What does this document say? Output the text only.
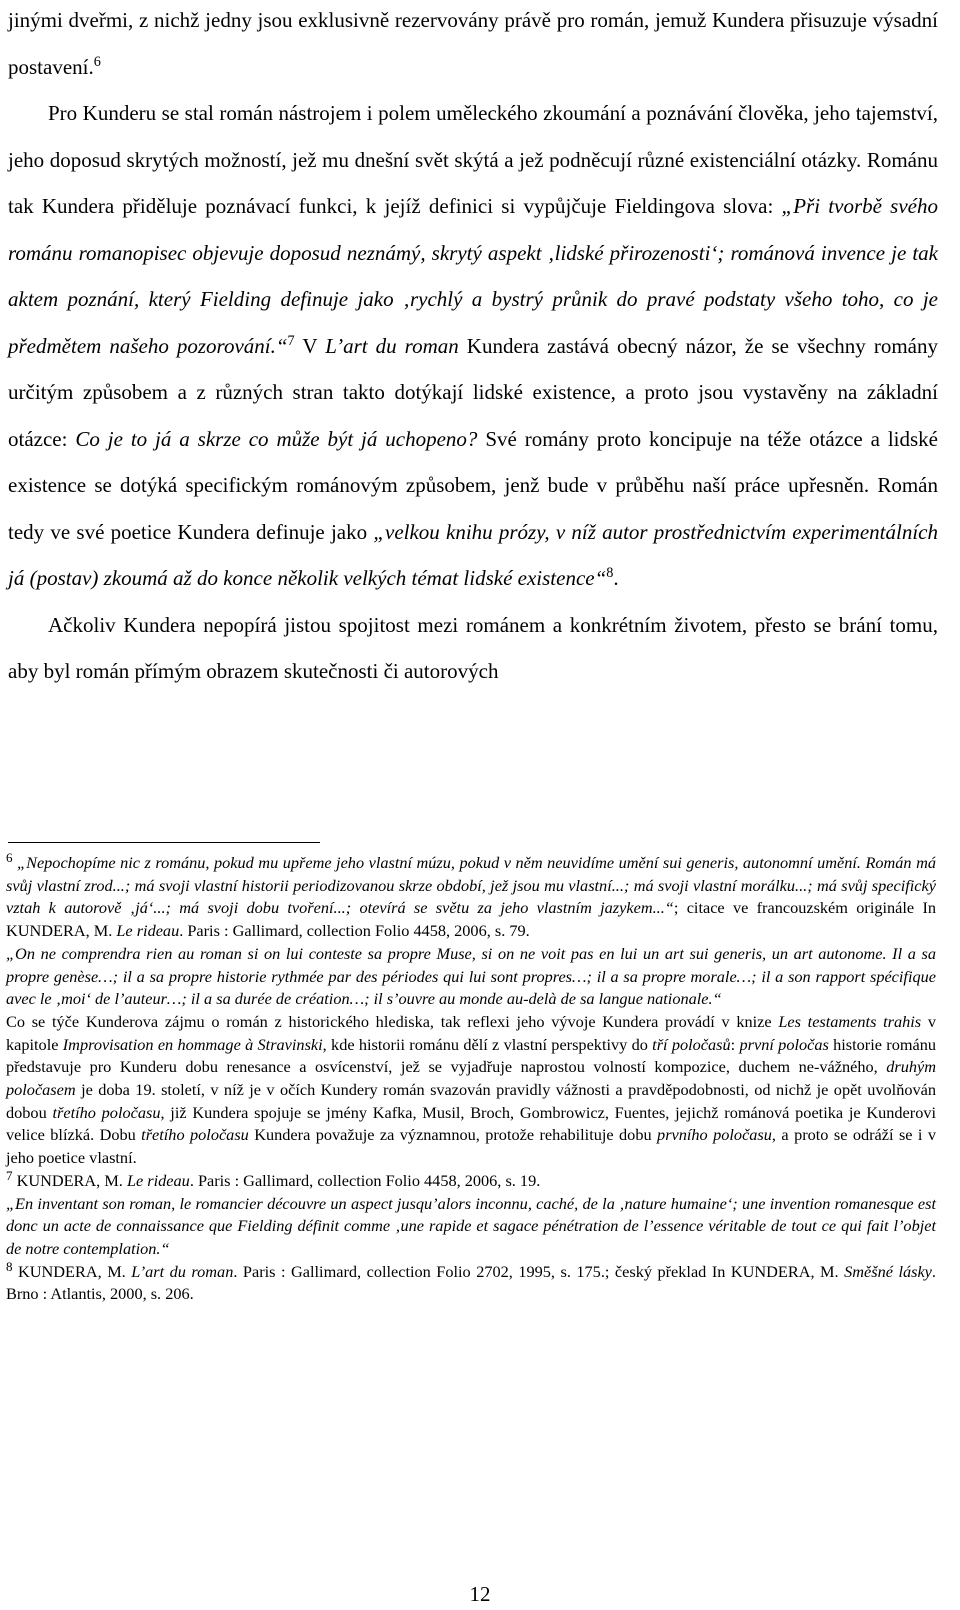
jinými dveřmi, z nichž jedny jsou exklusivně rezervovány právě pro román, jemuž Kundera přisuzuje výsadní postavení.$^6$

Pro Kunderu se stal román nástrojem i polem uměleckého zkoumání a poznávání člověka, jeho tajemství, jeho doposud skrytých možností, jež mu dnešní svět skýtá a jež podněcují různé existenciální otázky. Románu tak Kundera přiděluje poznávací funkci, k jejíž definici si vypůjčuje Fieldingova slova: „Při tvorbě svého románu romanopisec objevuje doposud neznámý, skrytý aspekt ‚lidské přirozenosti‘; románová invence je tak aktem poznání, který Fielding definuje jako ‚rychlý a bystrý průnik do pravé podstaty všeho toho, co je předmětem našeho pozorování.“$^7$ V L’art du roman Kundera zastává obecný názor, že se všechny romány určitým způsobem a z různých stran takto dotýkají lidské existence, a proto jsou vystavěny na základní otázce: Co je to já a skrze co může být já uchopeno? Své romány proto koncipuje na téže otázce a lidské existence se dotýká specifickým románovým způsobem, jenž bude v průběhu naší práce upřesněn. Román tedy ve své poetice Kundera definuje jako „velkou knihu prózy, v níž autor prostřednictvím experimentálních já (postav) zkoumá až do konce několik velkých témat lidské existence“$^8$.

Ačkoliv Kundera nepopírá jistou spojitost mezi románem a konkrétním životem, přesto se brání tomu, aby byl román přímým obrazem skutečnosti či autorových

$^6$ „Nepochopíme nic z románu, pokud mu upřeme jeho vlastní múzu, pokud v něm neuvidíme umění sui generis, autonomní umění. Román má svůj vlastní zrod...; má svoji vlastní historii periodizovanou skrze období, jež jsou mu vlastní...; má svoji vlastní morálku...; má svůj specifický vztah k autorově ‚já‘...; má svoji dobu tvoření...; otevírá se světu za jeho vlastním jazykem...“; citace ve francouzském originále In KUNDERA, M. Le rideau. Paris : Gallimard, collection Folio 4458, 2006, s. 79.

„On ne comprendra rien au roman si on lui conteste sa propre Muse, si on ne voit pas en lui un art sui generis, un art autonome. Il a sa propre genèse…; il a sa propre historie rythmée par des périodes qui lui sont propres…; il a sa propre morale…; il a son rapport spécifique avec le ‚moi‘ de l’auteur…; il a sa durée de création…; il s’ouvre au monde au-delà de sa langue nationale.“

Co se týče Kunderova zájmu o román z historického hlediska, tak reflexi jeho vývoje Kundera provádí v knize Les testaments trahis v kapitole Improvisation en hommage à Stravinski, kde historii románu dělí z vlastní perspektivy do tří poločasů: první poločas historie románu představuje pro Kunderu dobu renesance a osvícenství, jež se vyjadřuje naprostou volností kompozice, duchem ne-vážného, druhým poločasem je doba 19. století, v níž je v očích Kundery román svazován pravidly vážnosti a pravděpodobnosti, od nichž je opět uvolňován dobou třetího poločasu, již Kundera spojuje se jmény Kafka, Musil, Broch, Gombrowicz, Fuentes, jejichž románová poetika je Kunderovi velice blízká. Dobu třetího poločasu Kundera považuje za významnou, protože rehabilituje dobu prvního poločasu, a proto se odráží se i v jeho poetice vlastní.

$^7$ KUNDERA, M. Le rideau. Paris : Gallimard, collection Folio 4458, 2006, s. 19.

„En inventant son roman, le romancier découvre un aspect jusqu’alors inconnu, caché, de la ‚nature humaine‘; une invention romanesque est donc un acte de connaissance que Fielding définit comme ‚une rapide et sagace pénétration de l’essence véritable de tout ce qui fait l’objet de notre contemplation.“

$^8$ KUNDERA, M. L’art du roman. Paris : Gallimard, collection Folio 2702, 1995, s. 175.; český překlad In KUNDERA, M. Směšné lásky. Brno : Atlantis, 2000, s. 206.

12
